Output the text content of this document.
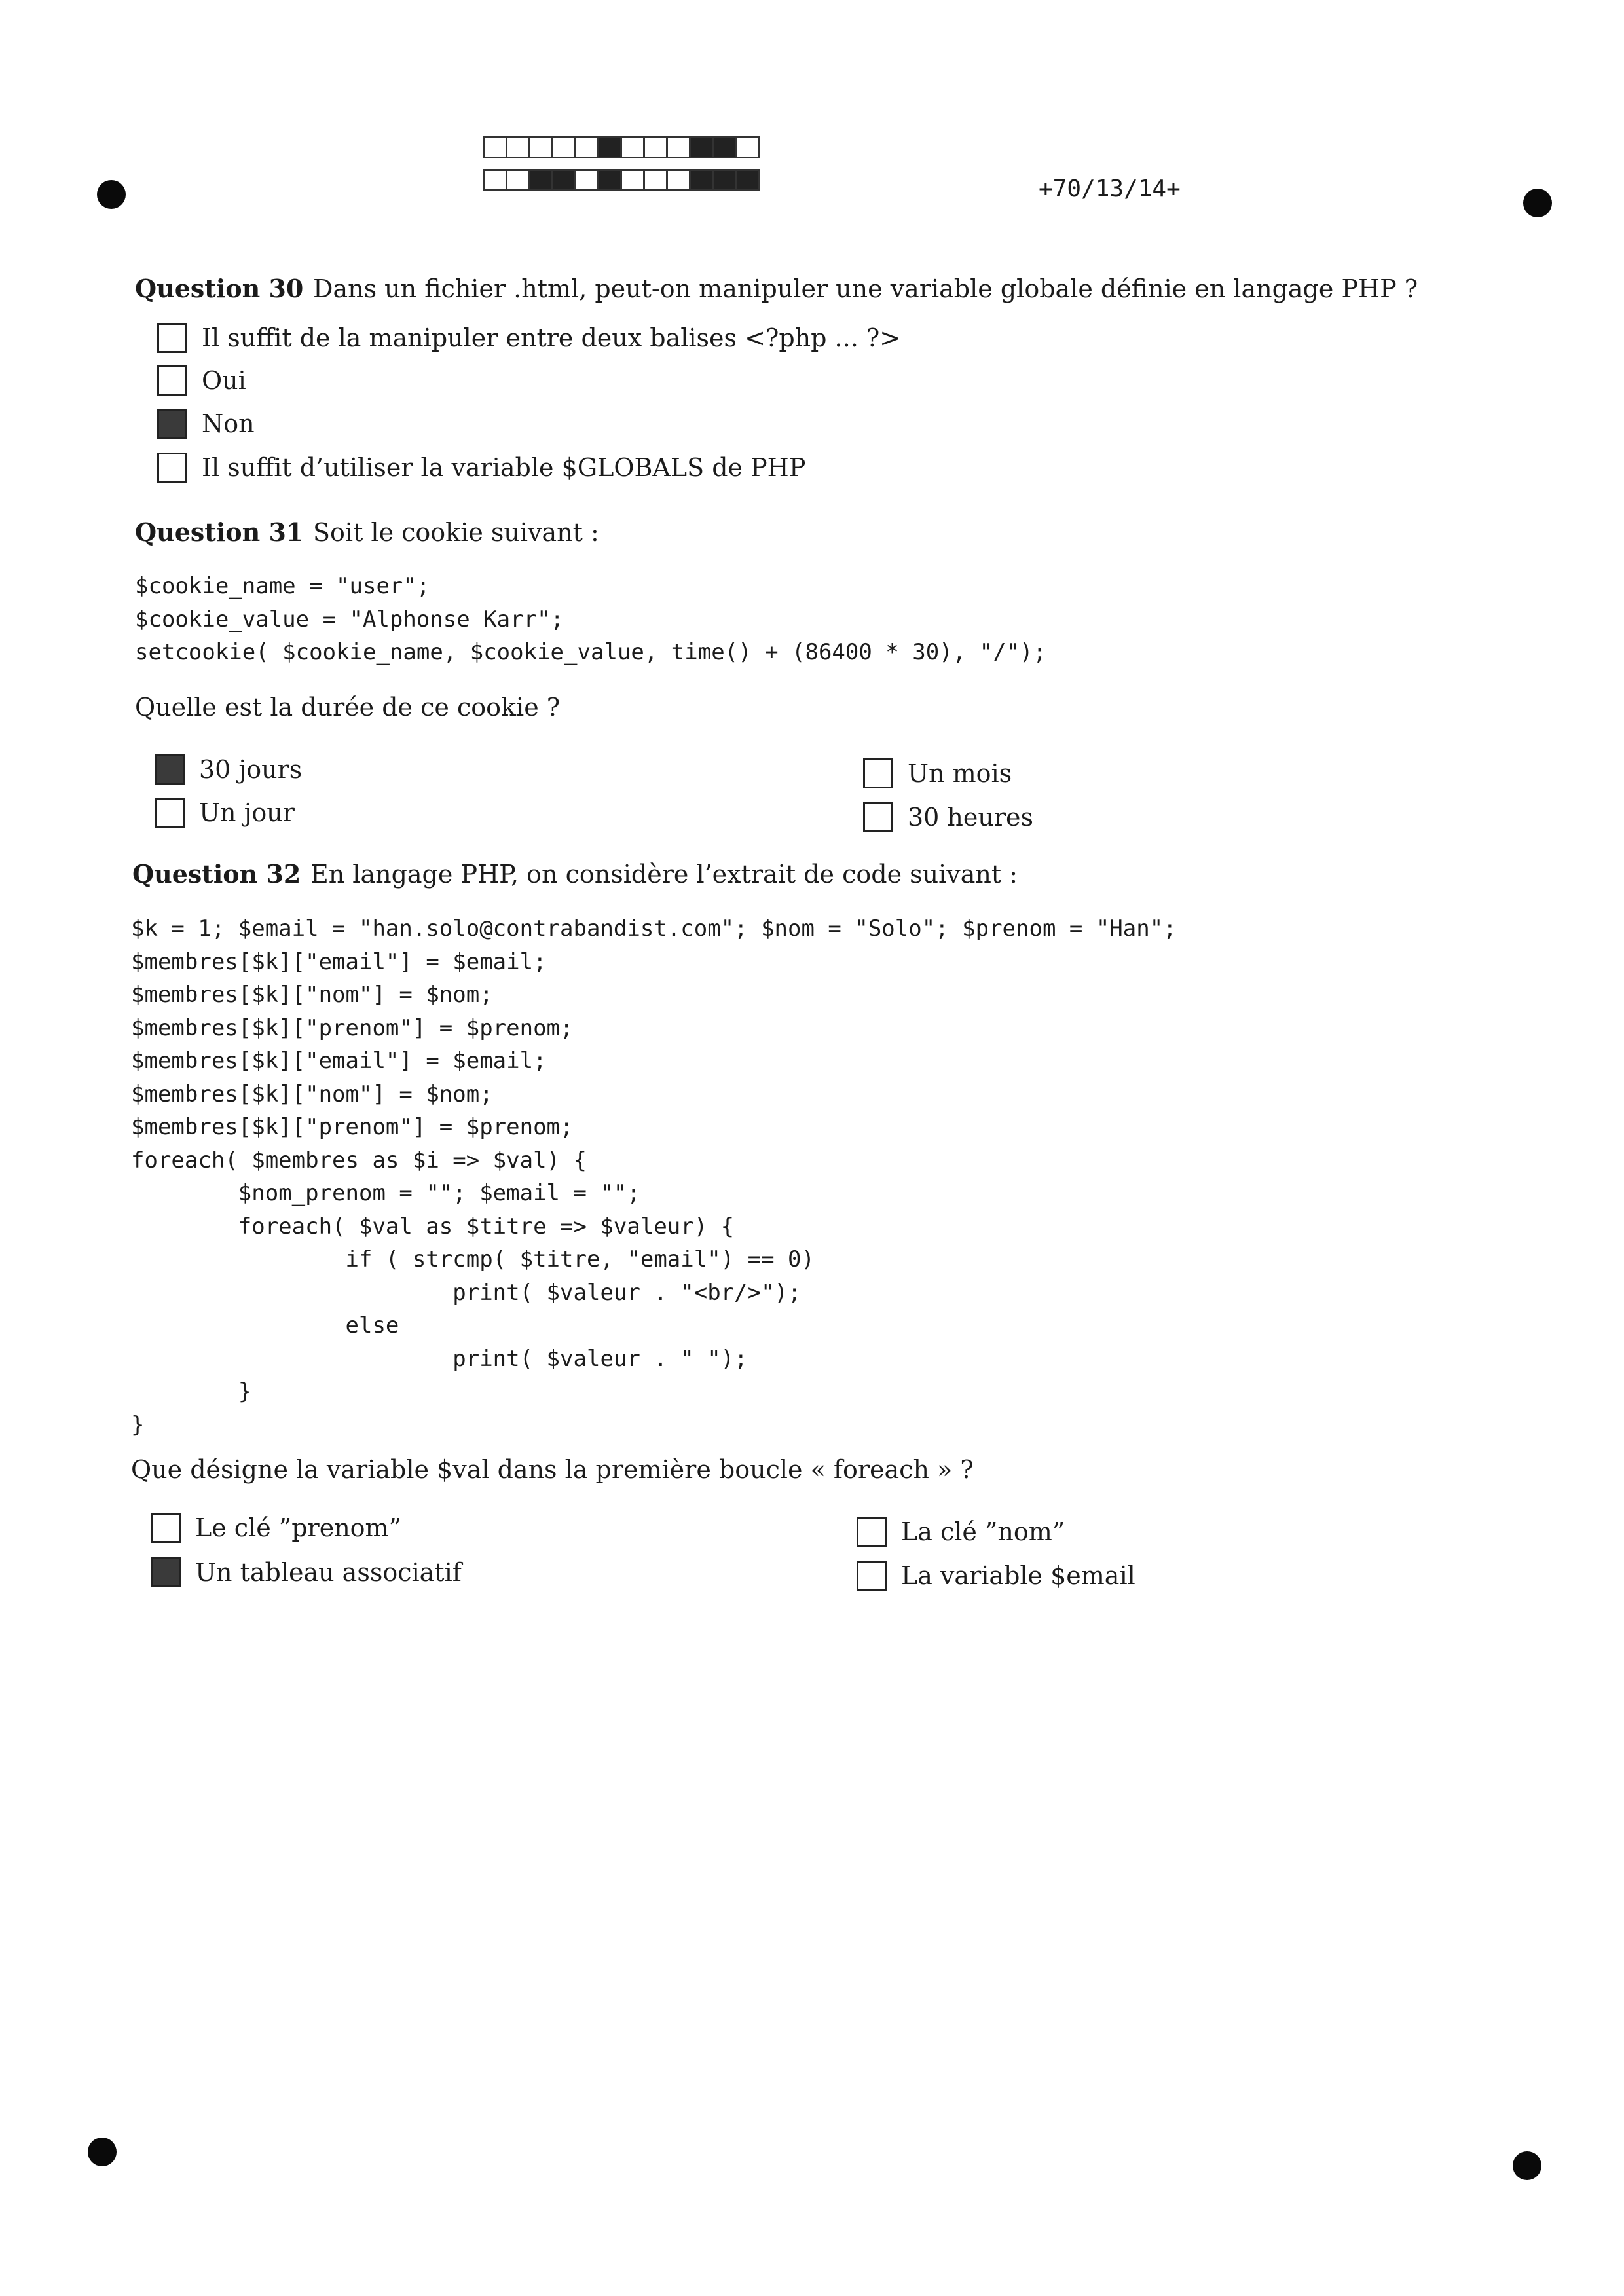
+70/13/14+
Question 30 Dans un fichier .html, peut-on manipuler une variable globale définie en langage PHP ?
Il suffit de la manipuler entre deux balises <?php ... ?>
Oui
Non
Il suffit d’utiliser la variable $GLOBALS de PHP
Question 31 Soit le cookie suivant :
$cookie_name = "user";
$cookie_value = "Alphonse Karr";
setcookie( $cookie_name, $cookie_value, time() + (86400 * 30), "/");
Quelle est la durée de ce cookie ?
30 jours
Un jour
Un mois
30 heures
Question 32 En langage PHP, on considère l’extrait de code suivant :
$k = 1; $email = "han.solo@contrabandist.com"; $nom = "Solo"; $prenom = "Han";
$membres[$k]["email"] = $email;
$membres[$k]["nom"] = $nom;
$membres[$k]["prenom"] = $prenom;
$membres[$k]["email"] = $email;
$membres[$k]["nom"] = $nom;
$membres[$k]["prenom"] = $prenom;
foreach( $membres as $i => $val) {
$nom_prenom = ""; $email = "";
foreach( $val as $titre => $valeur) {
if ( strcmp( $titre, "email") == 0)
print( $valeur . "<br/>");
else
print( $valeur . " ");
}
}
Que désigne la variable $val dans la première boucle « foreach » ?
Le clé ”prenom”
Un tableau associatif
La clé ”nom”
La variable $email
